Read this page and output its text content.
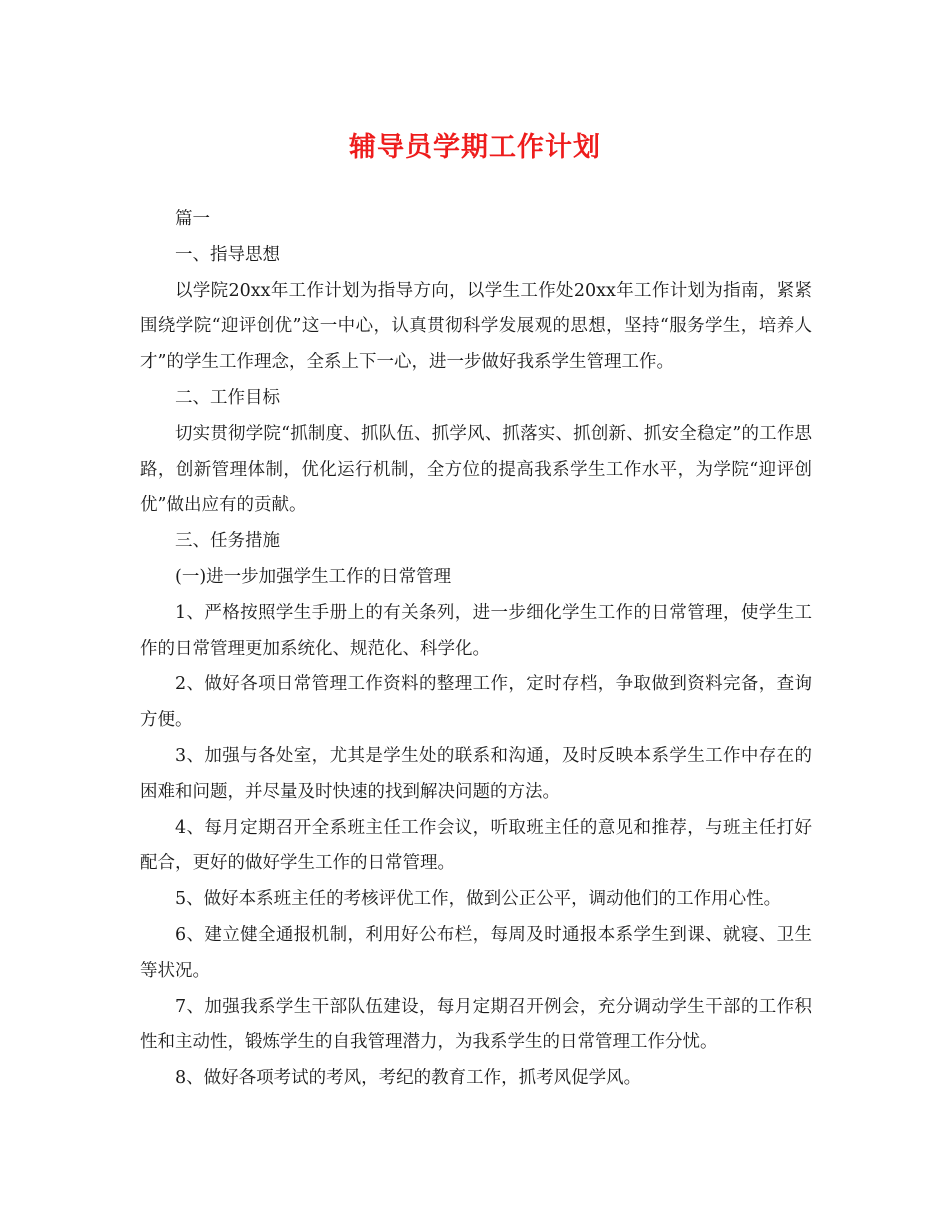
辅导员学期工作计划

篇一

一、指导思想

以学院20xx年工作计划为指导方向，以学生工作处20xx年工作计划为指南，紧紧围绕学院“迎评创优”这一中心，认真贯彻科学发展观的思想，坚持“服务学生，培养人才”的学生工作理念，全系上下一心，进一步做好我系学生管理工作。

二、工作目标

切实贯彻学院“抓制度、抓队伍、抓学风、抓落实、抓创新、抓安全稳定”的工作思路，创新管理体制，优化运行机制，全方位的提高我系学生工作水平，为学院“迎评创优”做出应有的贡献。

三、任务措施

(一)进一步加强学生工作的日常管理

1、严格按照学生手册上的有关条列，进一步细化学生工作的日常管理，使学生工作的日常管理更加系统化、规范化、科学化。

2、做好各项日常管理工作资料的整理工作，定时存档，争取做到资料完备，查询方便。

3、加强与各处室，尤其是学生处的联系和沟通，及时反映本系学生工作中存在的困难和问题，并尽量及时快速的找到解决问题的方法。

4、每月定期召开全系班主任工作会议，听取班主任的意见和推荐，与班主任打好配合，更好的做好学生工作的日常管理。

5、做好本系班主任的考核评优工作，做到公正公平，调动他们的工作用心性。

6、建立健全通报机制，利用好公布栏，每周及时通报本系学生到课、就寝、卫生等状况。

7、加强我系学生干部队伍建设，每月定期召开例会，充分调动学生干部的工作积性和主动性，锻炼学生的自我管理潜力，为我系学生的日常管理工作分忧。

8、做好各项考试的考风，考纪的教育工作，抓考风促学风。
